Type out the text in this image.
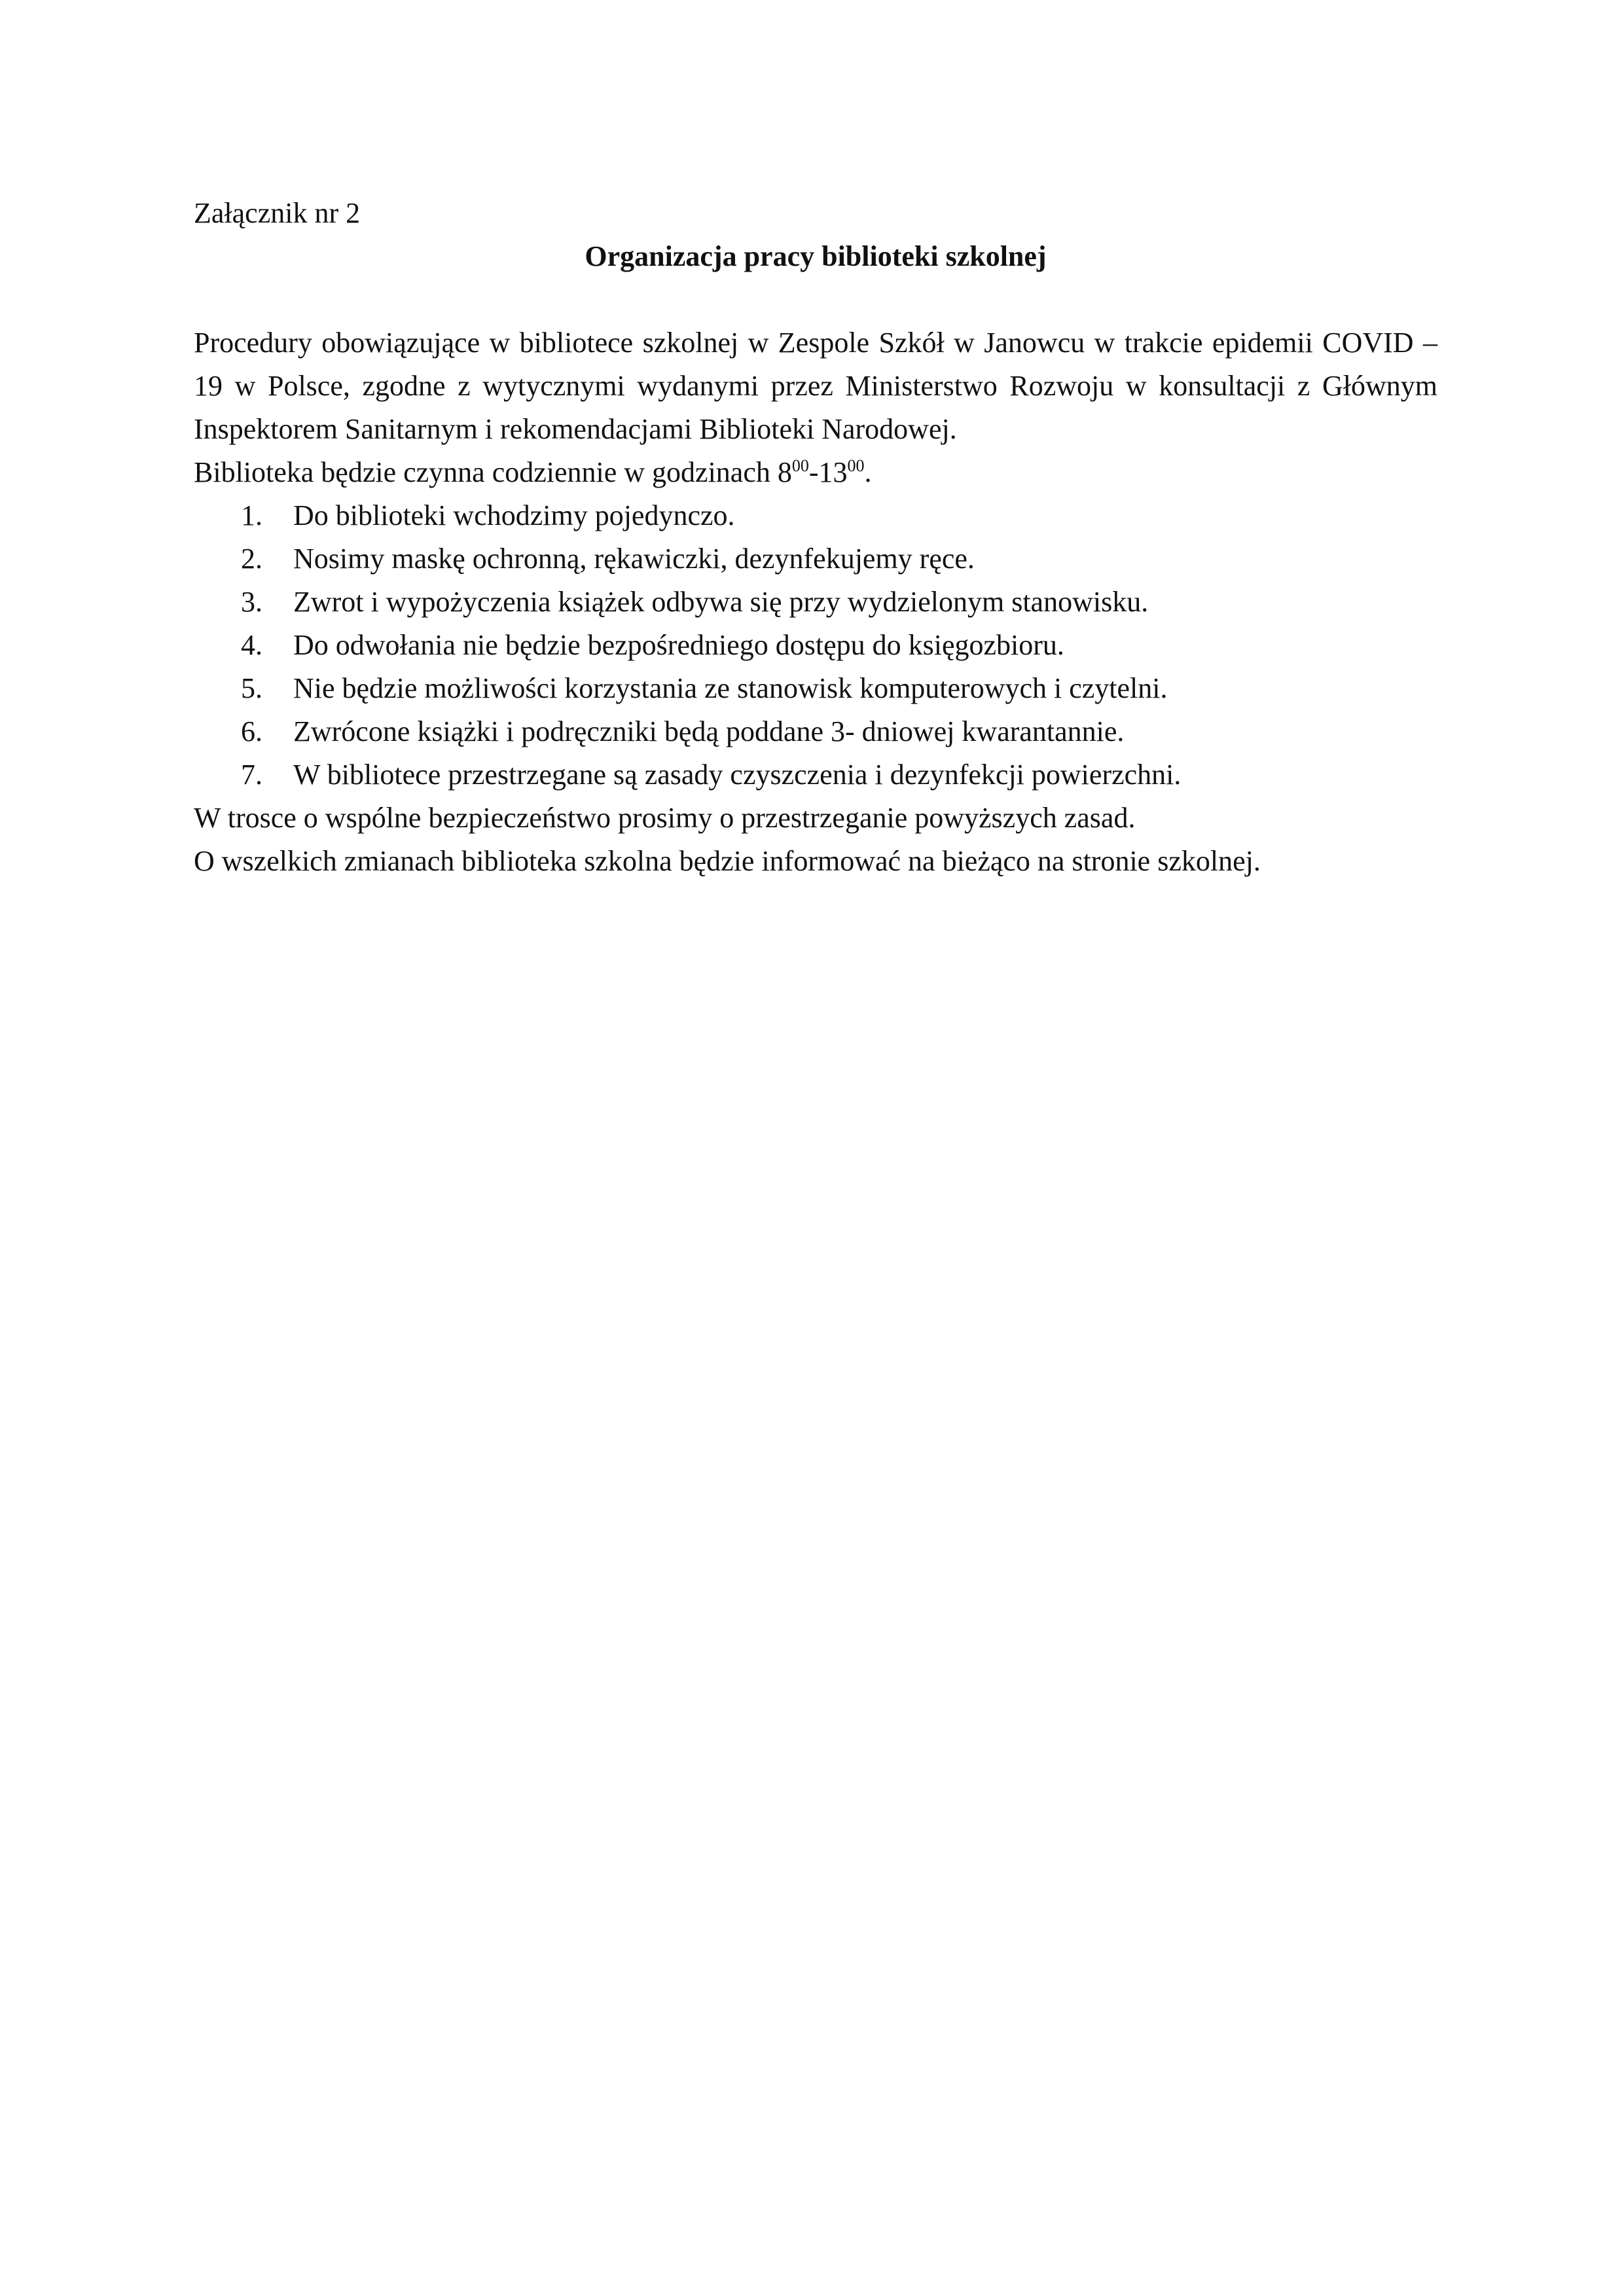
Załącznik nr 2

Organizacja pracy biblioteki szkolnej

Procedury obowiązujące w bibliotece szkolnej w Zespole Szkół w Janowcu w trakcie epidemii COVID – 19 w Polsce, zgodne z wytycznymi wydanymi przez Ministerstwo Rozwoju w konsultacji z Głównym Inspektorem Sanitarnym i rekomendacjami Biblioteki Narodowej.

Biblioteka będzie czynna codziennie w godzinach $8^{00}-13^{00}$.

1. Do biblioteki wchodzimy pojedynczo.
2. Nosimy maskę ochronną, rękawiczki, dezynfekujemy ręce.
3. Zwrot i wypożyczenia książek odbywa się przy wydzielonym stanowisku.
4. Do odwołania nie będzie bezpośredniego dostępu do księgozbioru.
5. Nie będzie możliwości korzystania ze stanowisk komputerowych i czytelni.
6. Zwrócone książki i podręczniki będą poddane 3- dniowej kwarantannie.
7. W bibliotece przestrzegane są zasady czyszczenia i dezynfekcji powierzchni.

W trosce o wspólne bezpieczeństwo prosimy o przestrzeganie powyższych zasad.

O wszelkich zmianach biblioteka szkolna będzie informować na bieżąco na stronie szkolnej.
